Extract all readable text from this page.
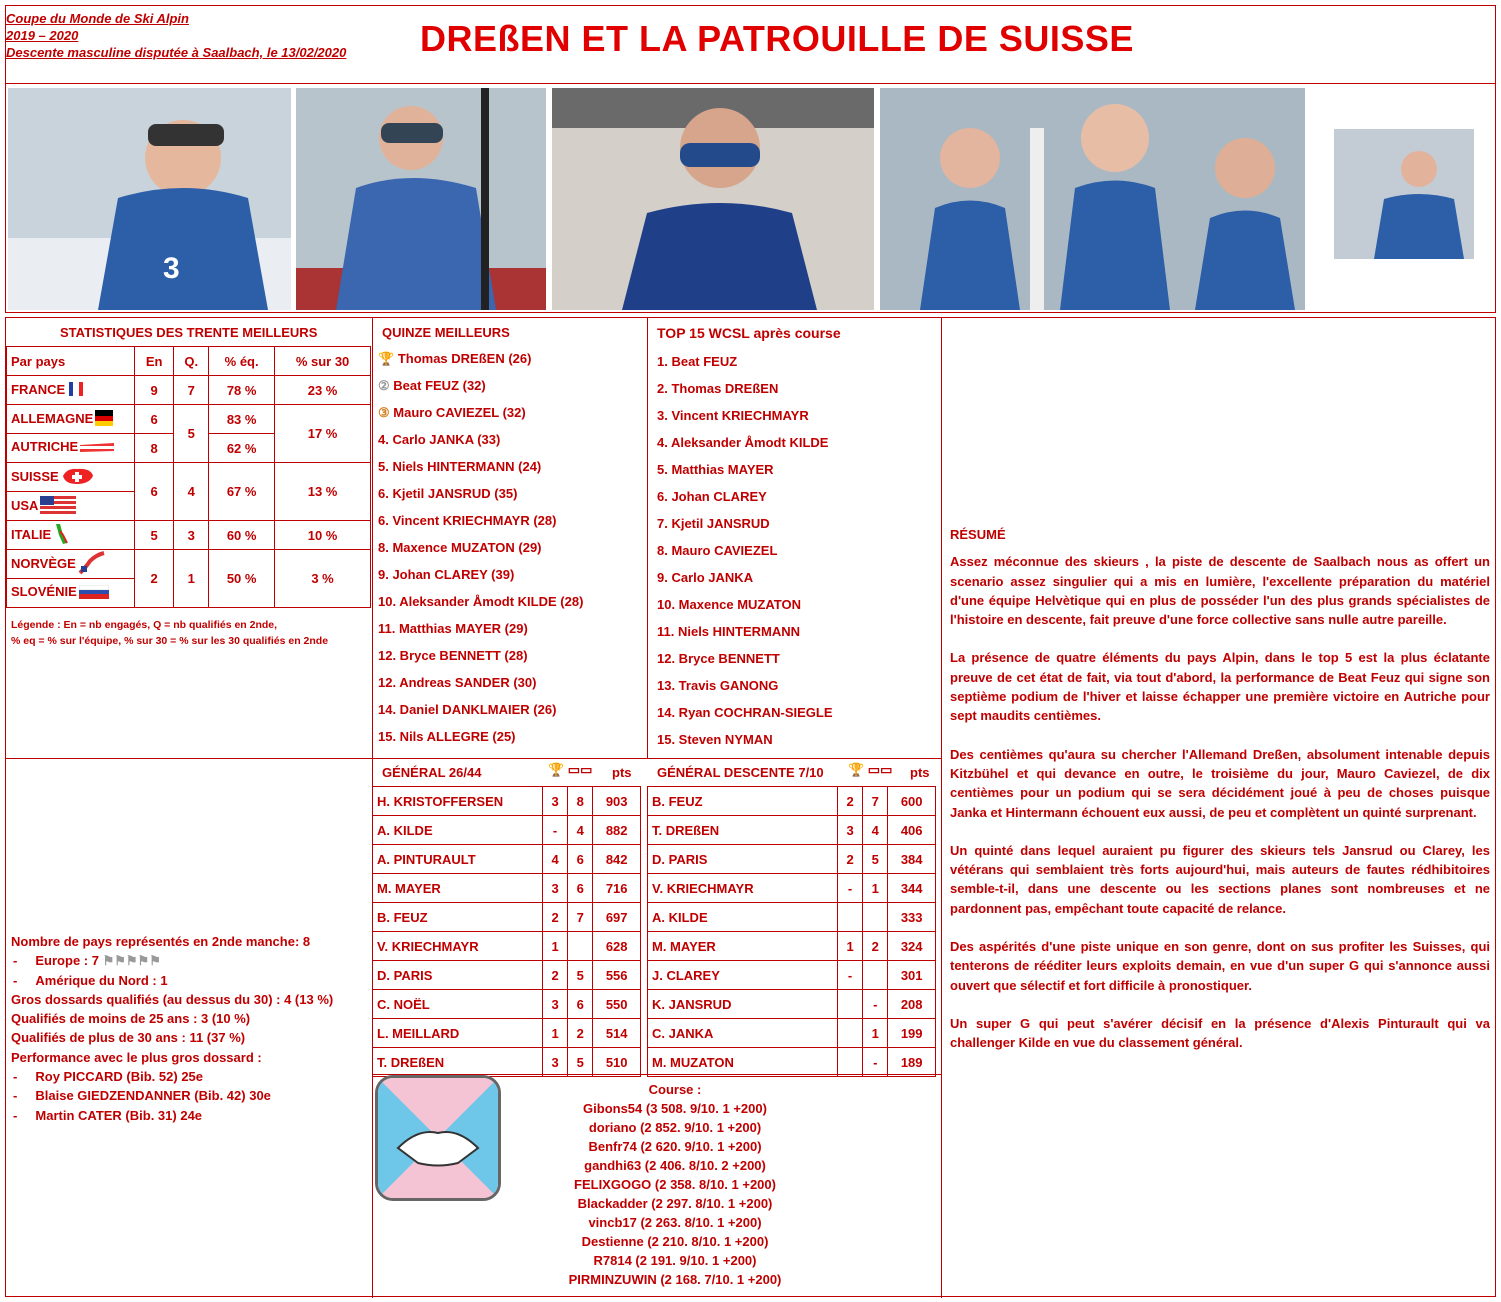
Coupe du Monde de Ski Alpin
2019 – 2020
Descente masculine disputée à Saalbach, le 13/02/2020 DREßEN ET LA PATROUILLE DE SUISSE
3
STATISTIQUES DES TRENTE MEILLEURS
Par pays	En	Q.	% éq.	% sur 30
FRANCE	9	7	78 %	23 %
ALLEMAGNE	6	5	83 %	17 %
AUTRICHE	8		62 %	
SUISSE	6	4	67 %	13 %
USA				
ITALIE	5	3	60 %	10 %
NORVÈGE	2	1	50 %	3 %
SLOVÉNIE				
Légende : En = nb engagés, Q = nb qualifiés en 2nde,
% eq = % sur l'équipe, % sur 30 = % sur les 30 qualifiés en 2nde
QUINZE MEILLEURS
🏆 Thomas DREßEN (26)
② Beat FEUZ (32)
③ Mauro CAVIEZEL (32)
4. Carlo JANKA (33)
5. Niels HINTERMANN (24)
6. Kjetil JANSRUD (35)
6. Vincent KRIECHMAYR (28)
8. Maxence MUZATON (29)
9. Johan CLAREY (39)
10. Aleksander Åmodt KILDE (28)
11. Matthias MAYER (29)
12. Bryce BENNETT (28)
12. Andreas SANDER (30)
14. Daniel DANKLMAIER (26)
15. Nils ALLEGRE (25)
TOP 15 WCSL après course
1. Beat FEUZ
2. Thomas DREßEN
3. Vincent KRIECHMAYR
4. Aleksander Åmodt KILDE
5. Matthias MAYER
6. Johan CLAREY
7. Kjetil JANSRUD
8. Mauro CAVIEZEL
9. Carlo JANKA
10. Maxence MUZATON
11. Niels HINTERMANN
12. Bryce BENNETT
13. Travis GANONG
14. Ryan COCHRAN-SIEGLE
15. Steven NYMAN
GÉNÉRAL 26/44	🏆 ▭▭ pts
H. KRISTOFFERSEN	3	8	903
A. KILDE	-	4	882
A. PINTURAULT	4	6	842
M. MAYER	3	6	716
B. FEUZ	2	7	697
V. KRIECHMAYR	1		628
D. PARIS	2	5	556
C. NOËL	3	6	550
L. MEILLARD	1	2	514
T. DREßEN	3	5	510
GÉNÉRAL DESCENTE 7/10 🏆 ▭▭ pts
B. FEUZ	2	7	600
T. DREßEN	3	4	406
D. PARIS	2	5	384
V. KRIECHMAYR	-	1	344
A. KILDE			333
M. MAYER	1	2	324
J. CLAREY	-		301
K. JANSRUD		-	208
C. JANKA		1	199
M. MUZATON		-	189
Nombre de pays représentés en 2nde manche: 8
-     Europe : 7 ⚑⚑⚑⚑⚑
-     Amérique du Nord : 1
Gros dossards qualifiés (au dessus du 30) : 4 (13 %)
Qualifiés de moins de 25 ans : 3 (10 %)
Qualifiés de plus de 30 ans : 11 (37 %)
Performance avec le plus gros dossard :
-     Roy PICCARD (Bib. 52) 25e
-     Blaise GIEDZENDANNER (Bib. 42) 30e
-     Martin CATER (Bib. 31) 24e
Course :
Gibons54 (3 508. 9/10. 1 +200)
doriano (2 852. 9/10. 1 +200)
Benfr74 (2 620. 9/10. 1 +200)
gandhi63 (2 406. 8/10. 2 +200)
FELIXGOGO (2 358. 8/10. 1 +200)
Blackadder (2 297. 8/10. 1 +200)
vincb17 (2 263. 8/10. 1 +200)
Destienne (2 210. 8/10. 1 +200)
R7814 (2 191. 9/10. 1 +200)
PIRMINZUWIN (2 168. 7/10. 1 +200)
RÉSUMÉ

Assez méconnue des skieurs , la piste de descente de Saalbach nous as offert un scenario assez singulier qui a mis en lumière, l'excellente préparation du matériel d'une équipe Helvètique qui en plus de posséder l'un des plus grands spécialistes de l'histoire en descente, fait preuve d'une force collective sans nulle autre pareille.

La présence de quatre éléments du pays Alpin, dans le top 5 est la plus éclatante preuve de cet état de fait, via tout d'abord, la performance de Beat Feuz qui signe son septième podium de l'hiver et laisse échapper une première victoire en Autriche pour sept maudits centièmes.

Des centièmes qu'aura su chercher l'Allemand Dreßen, absolument intenable depuis Kitzbühel et qui devance en outre, le troisième du jour, Mauro Caviezel, de dix centièmes pour un podium qui se sera décidément joué à peu de choses puisque Janka et Hintermann échouent eux aussi, de peu et complètent un quinté surprenant.

Un quinté dans lequel auraient pu figurer des skieurs tels Jansrud ou Clarey, les vétérans qui semblaient très forts aujourd'hui, mais auteurs de fautes rédhibitoires semble-t-il, dans une descente ou les sections planes sont nombreuses et ne pardonnent pas, empêchant toute capacité de relance.

Des aspérités d'une piste unique en son genre, dont on sus profiter les Suisses, qui tenterons de rééditer leurs exploits demain, en vue d'un super G qui s'annonce aussi ouvert que sélectif et fort difficile à pronostiquer.

Un super G qui peut s'avérer décisif en la présence d'Alexis Pinturault qui va challenger Kilde en vue du classement général.
